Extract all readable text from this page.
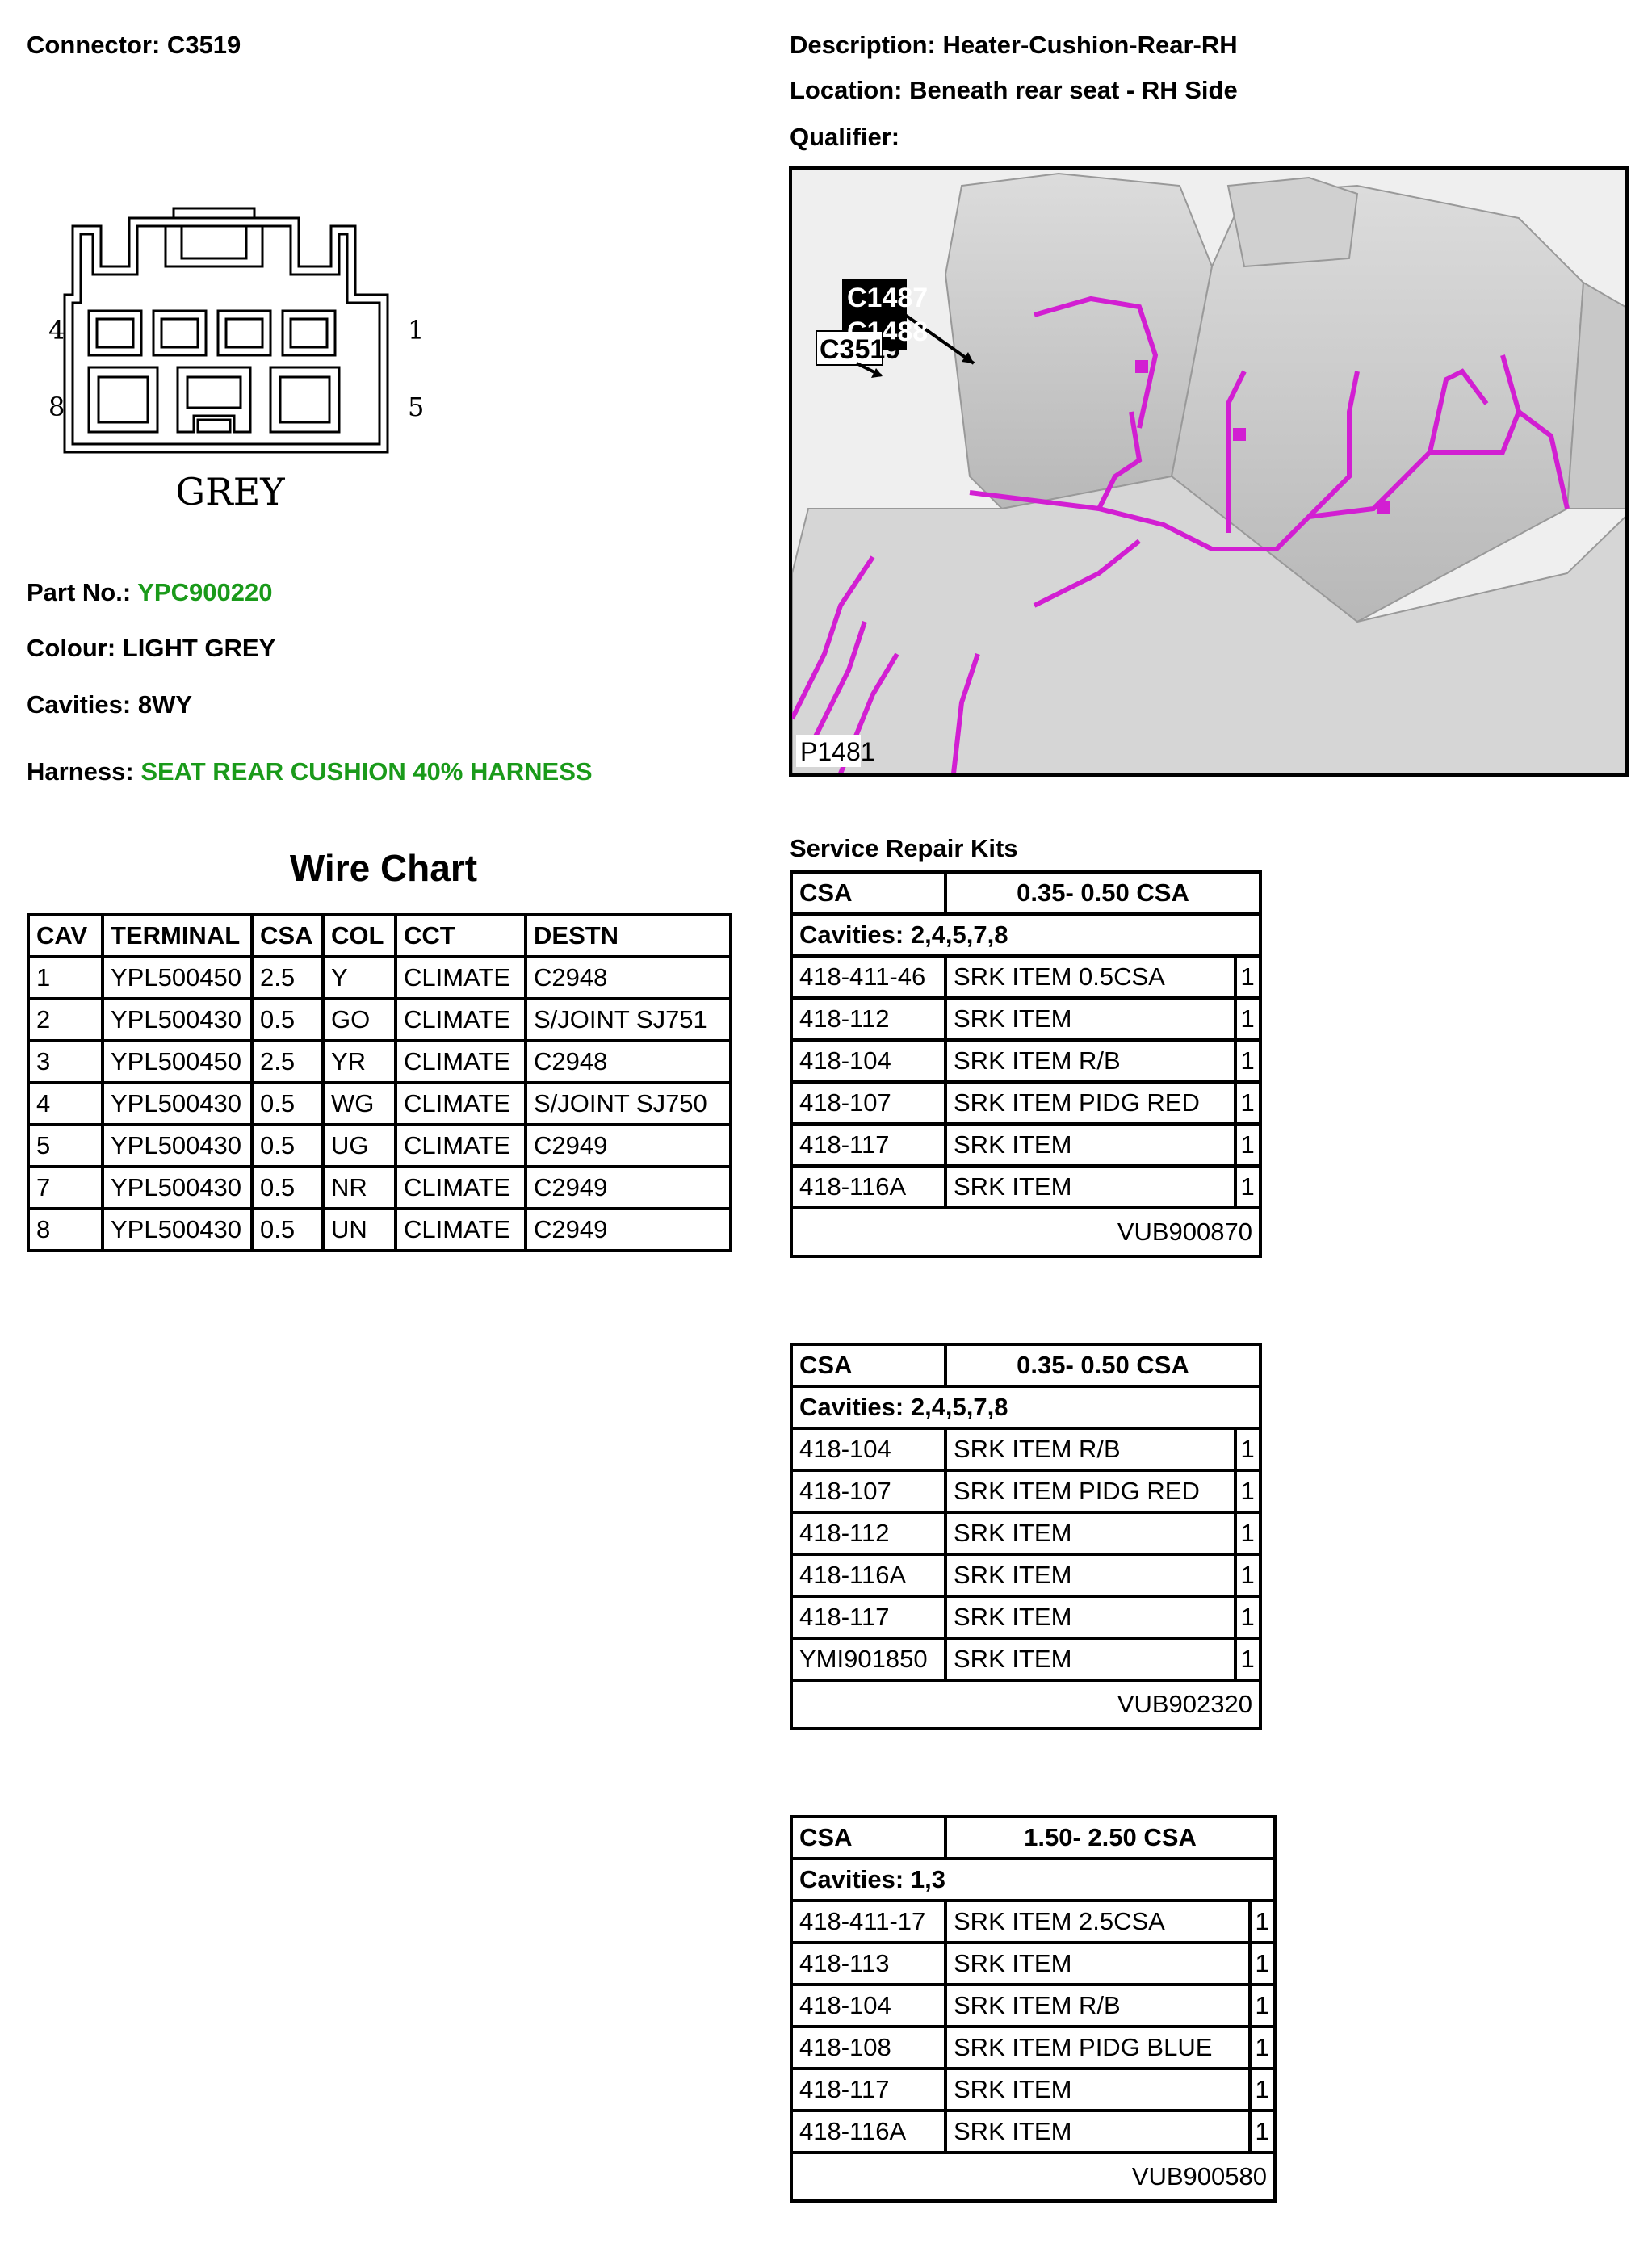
Connector: C3519	Description: Heater-Cushion-Rear-RH
Location: Beneath rear seat - RH Side
Qualifier:
4	1
8	5
GREY
C1487
C1488
C3519
P1481
Part No.: YPC900220
Colour: LIGHT GREY
Cavities: 8WY
Harness: SEAT REAR CUSHION 40% HARNESS
Wire Chart
CAV	TERMINAL	CSA	COL	CCT	DESTN
1	YPL500450	2.5	Y	CLIMATE	C2948
2	YPL500430	0.5	GO	CLIMATE	S/JOINT SJ751
3	YPL500450	2.5	YR	CLIMATE	C2948
4	YPL500430	0.5	WG	CLIMATE	S/JOINT SJ750
5	YPL500430	0.5	UG	CLIMATE	C2949
7	YPL500430	0.5	NR	CLIMATE	C2949
8	YPL500430	0.5	UN	CLIMATE	C2949
Service Repair Kits
CSA	0.35- 0.50 CSA	
Cavities: 2,4,5,7,8		
418-411-46	SRK ITEM 0.5CSA	1
418-112	SRK ITEM	1
418-104	SRK ITEM R/B	1
418-107	SRK ITEM PIDG RED	1
418-117	SRK ITEM	1
418-116A	SRK ITEM	1
VUB900870		
CSA	0.35- 0.50 CSA	
Cavities: 2,4,5,7,8		
418-104	SRK ITEM R/B	1
418-107	SRK ITEM PIDG RED	1
418-112	SRK ITEM	1
418-116A	SRK ITEM	1
418-117	SRK ITEM	1
YMI901850	SRK ITEM	1
VUB902320		
CSA	1.50- 2.50 CSA	
Cavities: 1,3		
418-411-17	SRK ITEM 2.5CSA	1
418-113	SRK ITEM	1
418-104	SRK ITEM R/B	1
418-108	SRK ITEM PIDG BLUE	1
418-117	SRK ITEM	1
418-116A	SRK ITEM	1
VUB900580		
